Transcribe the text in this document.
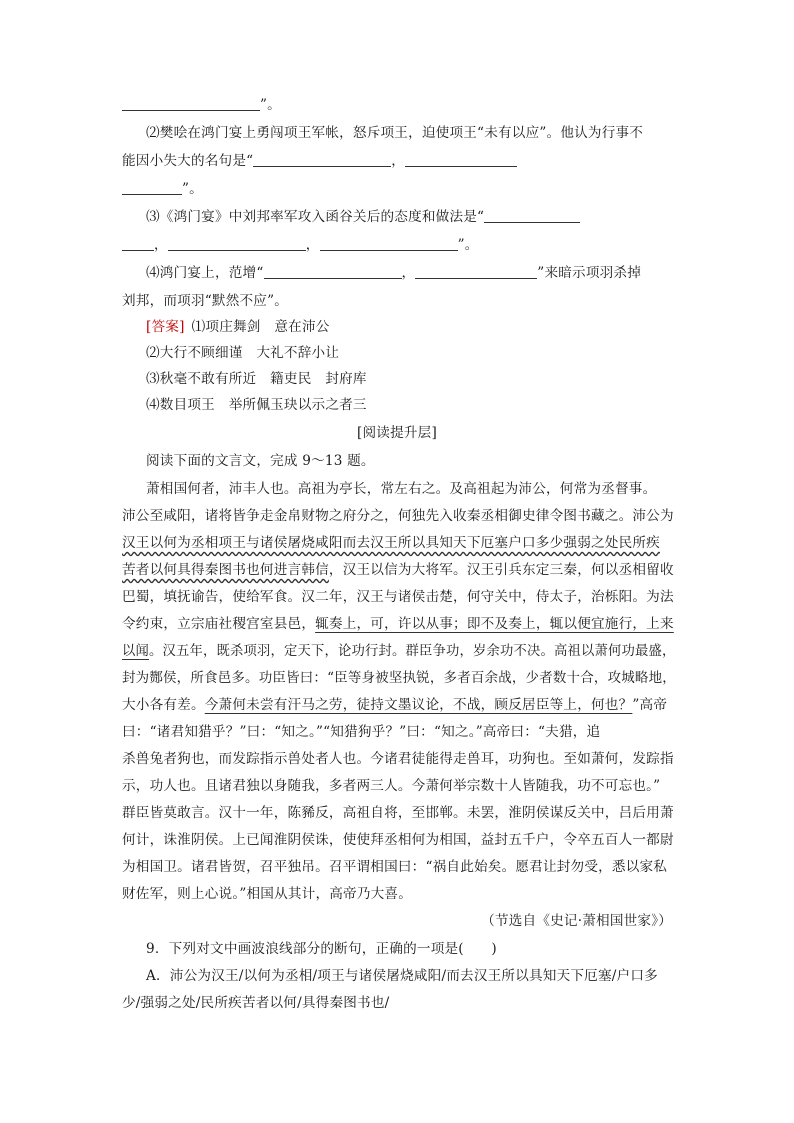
”。
⑵樊哙在鸿门宴上勇闯项王军帐，怒斥项王，迫使项王“未有以应”。他认为行事不
能因小失大的名句是“	，
”。
⑶《鸿门宴》中刘邦率军攻入函谷关后的态度和做法是“
，	，	”。
⑷鸿门宴上，范增“	，	”来暗示项羽杀掉
刘邦，而项羽“默然不应”。
[答案]  ⑴项庄舞剑　意在沛公
⑵大行不顾细谨　大礼不辞小让
⑶秋毫不敢有所近　籍吏民　封府库
⑷数目项王　举所佩玉玦以示之者三
[阅读提升层]
阅读下面的文言文，完成 9～13 题。
萧相国何者，沛丰人也。高祖为亭长，常左右之。及高祖起为沛公，何常为丞督事。
沛公至咸阳，诸将皆争走金帛财物之府分之，何独先入收秦丞相御史律令图书藏之。沛公为
汉王以何为丞相项王与诸侯屠烧咸阳而去汉王所以具知天下厄塞户口多少强弱之处民所疾
苦者以何具得秦图书也何进言韩信，汉王以信为大将军。汉王引兵东定三秦，何以丞相留收
巴蜀，填抚谕告，使给军食。汉二年，汉王与诸侯击楚，何守关中，侍太子，治栎阳。为法
令约束，立宗庙社稷宫室县邑，辄奏上，可，许以从事；即不及奏上，辄以便宜施行，上来
以闻。汉五年，既杀项羽，定天下，论功行封。群臣争功，岁余功不决。高祖以萧何功最盛，
封为酂侯，所食邑多。功臣皆曰：“臣等身被坚执锐，多者百余战，少者数十合，攻城略地，
大小各有差。今萧何未尝有汗马之劳，徒持文墨议论，不战，顾反居臣等上，何也？”高帝
曰：“诸君知猎乎？”曰：“知之。”“知猎狗乎？”曰：“知之。”高帝曰：“夫猎，追
杀兽兔者狗也，而发踪指示兽处者人也。今诸君徒能得走兽耳，功狗也。至如萧何，发踪指
示，功人也。且诸君独以身随我，多者两三人。今萧何举宗数十人皆随我，功不可忘也。”
群臣皆莫敢言。汉十一年，陈豨反，高祖自将，至邯郸。未罢，淮阴侯谋反关中，吕后用萧
何计，诛淮阴侯。上已闻淮阴侯诛，使使拜丞相何为相国，益封五千户，令卒五百人一都尉
为相国卫。诸君皆贺，召平独吊。召平谓相国曰：“祸自此始矣。愿君让封勿受，悉以家私
财佐军，则上心说。”相国从其计，高帝乃大喜。
（节选自《史记·萧相国世家》）
9．下列对文中画波浪线部分的断句，正确的一项是(　　)
A．沛公为汉王/以何为丞相/项王与诸侯屠烧咸阳/而去汉王所以具知天下厄塞/户口多
少/强弱之处/民所疾苦者以何/具得秦图书也/
